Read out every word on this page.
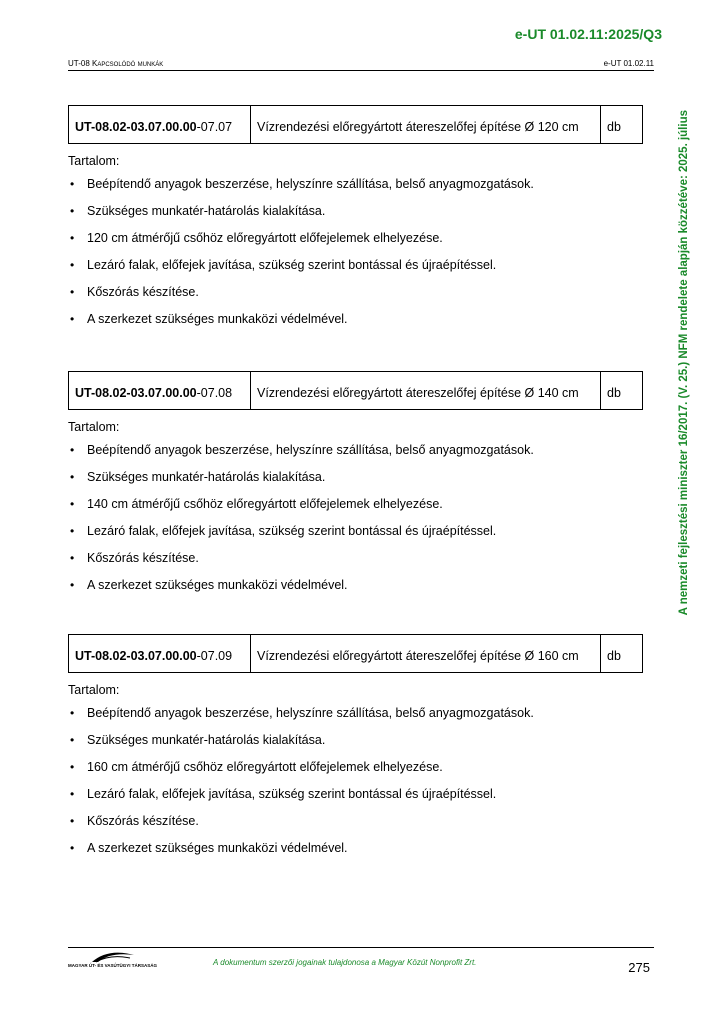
e-UT 01.02.11:2025/Q3
UT-08 Kapcsolódó munkák	e-UT 01.02.11
A nemzeti fejlesztési miniszter 16/2017. (V. 25.) NFM rendelete alapján közzétéve: 2025. július
UT-08.02-03.07.00.00-07.07	Vízrendezési előregyártott átereszelőfej építése Ø 120 cm	db
Tartalom:
• Beépítendő anyagok beszerzése, helyszínre szállítása, belső anyagmozgatások.
• Szükséges munkatér-határolás kialakítása.
• 120 cm átmérőjű csőhöz előregyártott előfejelemek elhelyezése.
• Lezáró falak, előfejek javítása, szükség szerint bontással és újraépítéssel.
• Kőszórás készítése.
• A szerkezet szükséges munkaközi védelmével.
UT-08.02-03.07.00.00-07.08	Vízrendezési előregyártott átereszelőfej építése Ø 140 cm	db
Tartalom:
• Beépítendő anyagok beszerzése, helyszínre szállítása, belső anyagmozgatások.
• Szükséges munkatér-határolás kialakítása.
• 140 cm átmérőjű csőhöz előregyártott előfejelemek elhelyezése.
• Lezáró falak, előfejek javítása, szükség szerint bontással és újraépítéssel.
• Kőszórás készítése.
• A szerkezet szükséges munkaközi védelmével.
UT-08.02-03.07.00.00-07.09	Vízrendezési előregyártott átereszelőfej építése Ø 160 cm	db
Tartalom:
• Beépítendő anyagok beszerzése, helyszínre szállítása, belső anyagmozgatások.
• Szükséges munkatér-határolás kialakítása.
• 160 cm átmérőjű csőhöz előregyártott előfejelemek elhelyezése.
• Lezáró falak, előfejek javítása, szükség szerint bontással és újraépítéssel.
• Kőszórás készítése.
• A szerkezet szükséges munkaközi védelmével.
MAGYAR ÚT- ÉS VASÚTÜGYI TÁRSASÁG	A dokumentum szerzői jogainak tulajdonosa a Magyar Közút Nonprofit Zrt.	275
